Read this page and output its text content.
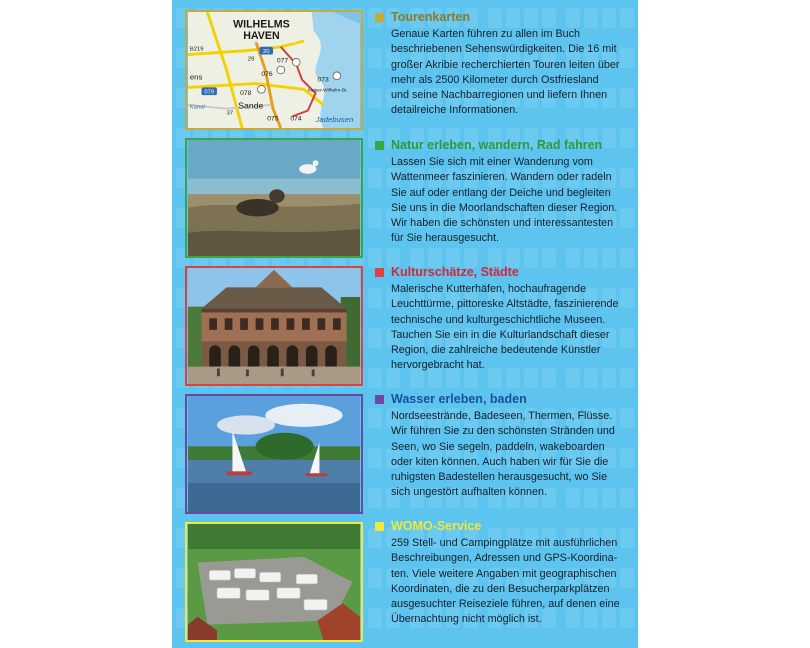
WILHELMS
HAVEN
B219	20
29
ens
079
Kanal
37
077
076
078
Sande
075 074
073
Kaiser-Wilhelm-Br.
Jadebusen
Tourenkarten
Genaue Karten führen zu allen im Buch
beschriebenen Sehenswürdigkeiten. Die 16 mit
großer Akribie recherchierten Touren leiten über
mehr als 2500 Kilometer durch Ostfriesland
und seine Nachbarregionen und liefern Ihnen
detailreiche Informationen.
Natur erleben, wandern, Rad fahren
Lassen Sie sich mit einer Wanderung vom
Wattenmeer faszinieren. Wandern oder radeln
Sie auf oder entlang der Deiche und begleiten
Sie uns in die Moorlandschaften dieser Region.
Wir haben die schönsten und interessantesten
für Sie herausgesucht.
Kulturschätze, Städte
Malerische Kutterhäfen, hochaufragende
Leuchttürme, pittoreske Altstädte, faszinierende
technische und kulturgeschichtliche Museen.
Tauchen Sie ein in die Kulturlandschaft dieser
Region, die zahlreiche bedeutende Künstler
hervorgebracht hat.
Wasser erleben, baden
Nordseestrände, Badeseen, Thermen, Flüsse.
Wir führen Sie zu den schönsten Stränden und
Seen, wo Sie segeln, paddeln, wakeboarden
oder kiten können. Auch haben wir für Sie die
ruhigsten Badestellen herausgesucht, wo Sie
sich ungestört aufhalten können.
WOMO-Service
259 Stell- und Campingplätze mit ausführlichen
Beschreibungen, Adressen und GPS-Koordina-
ten. Viele weitere Angaben mit geographischen
Koordinaten, die zu den Besucherparkplätzen
ausgesuchter Reiseziele führen, auf denen eine
Übernachtung nicht möglich ist.
